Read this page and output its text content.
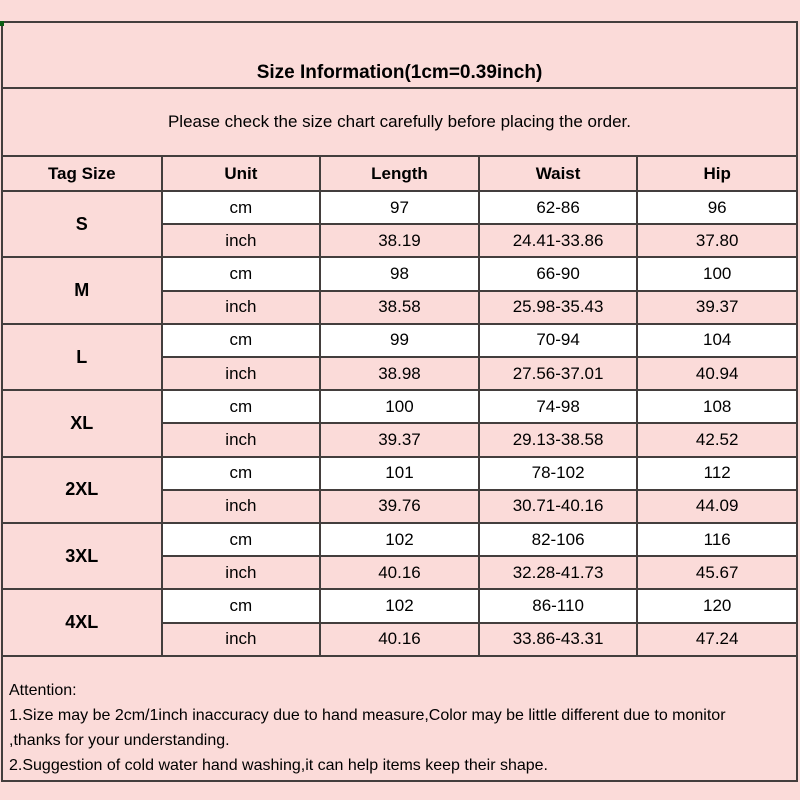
Size Information(1cm=0.39inch)
Please check the size chart carefully before placing the order.
Tag Size	Unit	Length	Waist	Hip
S	cm	97	62-86	96
	inch	38.19	24.41-33.86	37.80
M	cm	98	66-90	100
	inch	38.58	25.98-35.43	39.37
L	cm	99	70-94	104
	inch	38.98	27.56-37.01	40.94
XL	cm	100	74-98	108
	inch	39.37	29.13-38.58	42.52
2XL	cm	101	78-102	112
	inch	39.76	30.71-40.16	44.09
3XL	cm	102	82-106	116
	inch	40.16	32.28-41.73	45.67
4XL	cm	102	86-110	120
	inch	40.16	33.86-43.31	47.24
Attention:
1.Size may be 2cm/1inch inaccuracy due to hand measure,Color may be little different due to monitor
,thanks for your understanding.
2.Suggestion of cold water hand washing,it can help items keep their shape.
